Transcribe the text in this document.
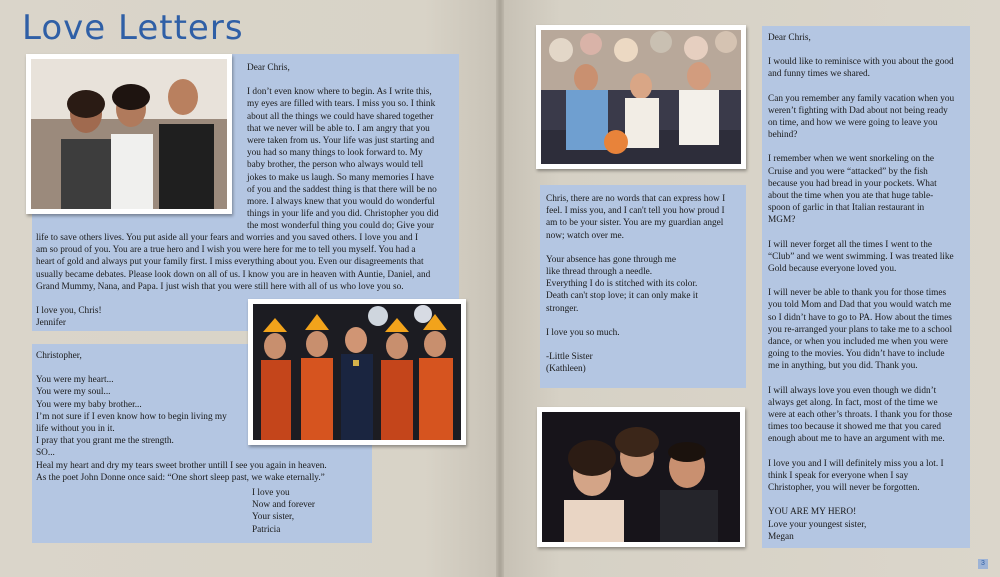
Love Letters

Dear Chris,

I don’t even know where to begin. As I write this,

my eyes are filled with tears. I miss you so. I think

about all the things we could have shared together

that we never will be able to. I am angry that you

were taken from us. Your life was just starting and

you had so many things to look forward to. My

baby brother, the person who always would tell

jokes to make us laugh. So many memories I have

of you and the saddest thing is that there will be no

more. I always knew that you would do wonderful

things in your life and you did. Christopher you did

the most wonderful thing you could do; Give your

life to save others lives. You put aside all your fears and worries and you saved others. I love you and I

am so proud of you. You are a true hero and I wish you were here for me to tell you myself. You had a

heart of gold and always put your family first. I miss everything about you. Even our disagreements that

usually became debates. Please look down on all of us. I know you are in heaven with Auntie, Daniel, and

Grand Mummy, Nana, and Papa. I just wish that you were still here with all of us who love you so.

I love you, Chris!

Jennifer

Christopher,

You were my heart...

You were my soul...

You were my baby brother...

I’m not sure if I even know how to begin living my

life without you in it.

I pray that you grant me the strength.

SO...

Heal my heart and dry my tears sweet brother untill I see you again in heaven.

As the poet John Donne once said: “One short sleep past, we wake eternally.”

I love you

Now and forever

Your sister,

Patricia

Chris, there are no words that can express how I

feel. I miss you, and I can't tell you how proud I

am to be your sister. You are my guardian angel

now; watch over me.

Your absence has gone through me

like thread through a needle.

Everything I do is stitched with its color.

Death can't stop love; it can only make it

stronger.

I love you so much.

-Little Sister

(Kathleen)

Dear Chris,

I would like to reminisce with you about the good

and funny times we shared.

Can you remember any family vacation when you

weren’t fighting with Dad about not being ready

on time, and how we were going to leave you

behind?

I remember when we went snorkeling on the

Cruise and you were “attacked” by the fish

because you had bread in your pockets. What

about the time when you ate that huge table-

spoon of garlic in that Italian restaurant in

MGM?

I will never forget all the times I went to the

“Club” and we went swimming. I was treated like

Gold because everyone loved you.

I will never be able to thank you for those times

you told Mom and Dad that you would watch me

so I didn’t have to go to PA. How about the times

you re-arranged your plans to take me to a school

dance, or when you included me when you were

going to the movies. You didn’t have to include

me in anything, but you did. Thank you.

I will always love you even though we didn’t

always get along. In fact, most of the time we

were at each other’s throats. I thank you for those

times too because it showed me that you cared

enough about me to have an argument with me.

I love you and I will definitely miss you a lot. I

think I speak for everyone when I say

Christopher, you will never be forgotten.

YOU ARE MY HERO!

Love your youngest sister,

Megan

3
